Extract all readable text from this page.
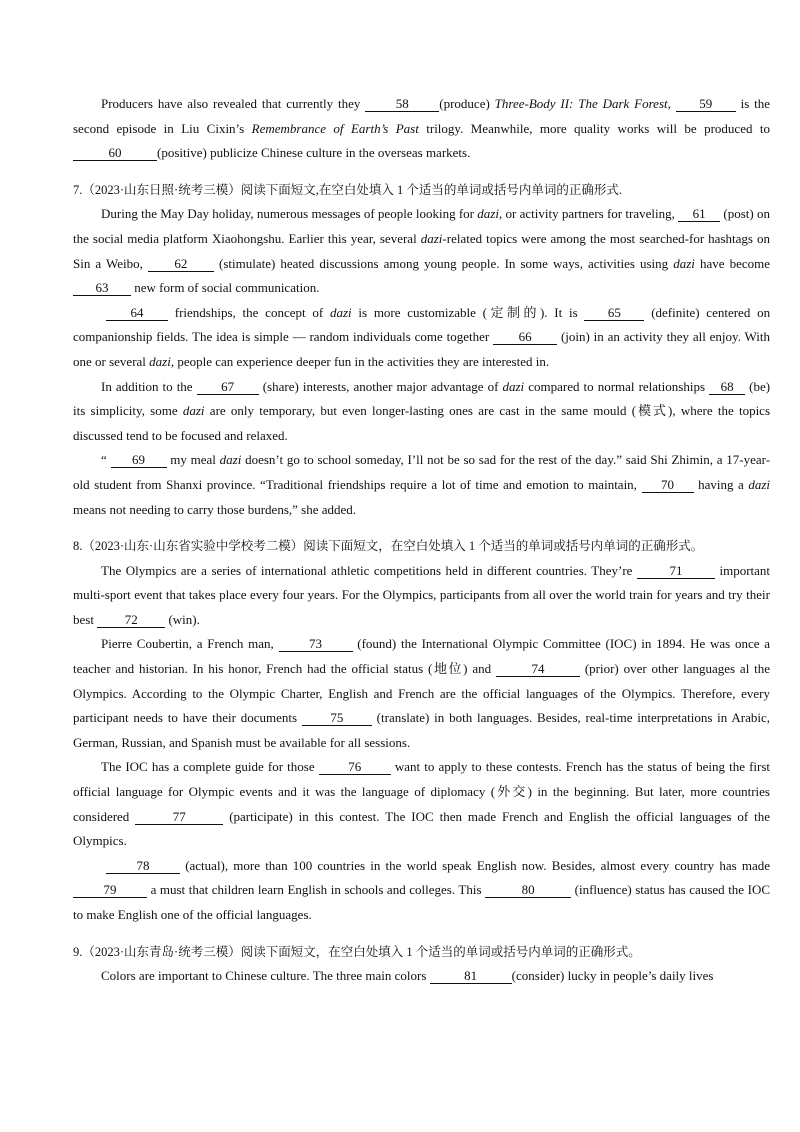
Producers have also revealed that currently they	58 (produce) Three-Body II: The Dark Forest, 59 is the second episode in Liu Cixin’s Remembrance of Earth’s Past trilogy. Meanwhile, more quality works will be produced to 60	(positive) publicize Chinese culture in the overseas markets.

7.（2023·山东日照·统考三模）阅读下面短文,在空白处填入 1 个适当的单词或括号内单词的正确形式.

During the May Day holiday, numerous messages of people looking for dazi, or activity partners for traveling, 61 (post) on the social media platform Xiaohongshu. Earlier this year, several dazi-related topics were among the most searched-for hashtags on Sin a Weibo, 62 (stimulate) heated discussions among young people. In some ways, activities using dazi have become 63 new form of social communication.

64 friendships, the concept of dazi is more customizable (定制的). It is 65 (definite) centered on companionship fields. The idea is simple — random individuals come together 66 (join) in an activity they all enjoy. With one or several dazi, people can experience deeper fun in the activities they are interested in.

In addition to the 67 (share) interests, another major advantage of dazi compared to normal relationships 68 (be) its simplicity, some dazi are only temporary, but even longer-lasting ones are cast in the same mould (模式), where the topics discussed tend to be focused and relaxed.

“ 69 my meal dazi doesn’t go to school someday, I’ll not be so sad for the rest of the day.” said Shi Zhimin, a 17-year-old student from Shanxi province. “Traditional friendships require a lot of time and emotion to maintain, 70 having a dazi means not needing to carry those burdens,” she added.

8.（2023·山东·山东省实验中学校考二模）阅读下面短文，在空白处填入 1 个适当的单词或括号内单词的正确形式。

The Olympics are a series of international athletic competitions held in different countries. They’re	71	important multi-sport event that takes place every four years. For the Olympics, participants from all over the world train for years and try their best 72 (win).

Pierre Coubertin, a French man,	73	(found) the International Olympic Committee (IOC) in 1894. He was once a teacher and historian. In his honor, French had the official status (地位) and	74	(prior) over other languages al the Olympics. According to the Olympic Charter, English and French are the official languages of the Olympics. Therefore, every participant needs to have their documents	75	(translate) in both languages. Besides, real-time interpretations in Arabic, German, Russian, and Spanish must be available for all sessions.

The IOC has a complete guide for those	76	want to apply to these contests. French has the status of being the first official language for Olympic events and it was the language of diplomacy (外交) in the beginning. But later, more countries considered	77	(participate) in this contest. The IOC then made French and English the official languages of the Olympics.

78	(actual), more than 100 countries in the world speak English now. Besides, almost every country has made 79	a must that children learn English in schools and colleges. This	80	(influence) status has caused the IOC to make English one of the official languages.

9.（2023·山东青岛·统考三模）阅读下面短文，在空白处填入 1 个适当的单词或括号内单词的正确形式。

Colors are important to Chinese culture. The three main colors	81	(consider) lucky in people’s daily lives
